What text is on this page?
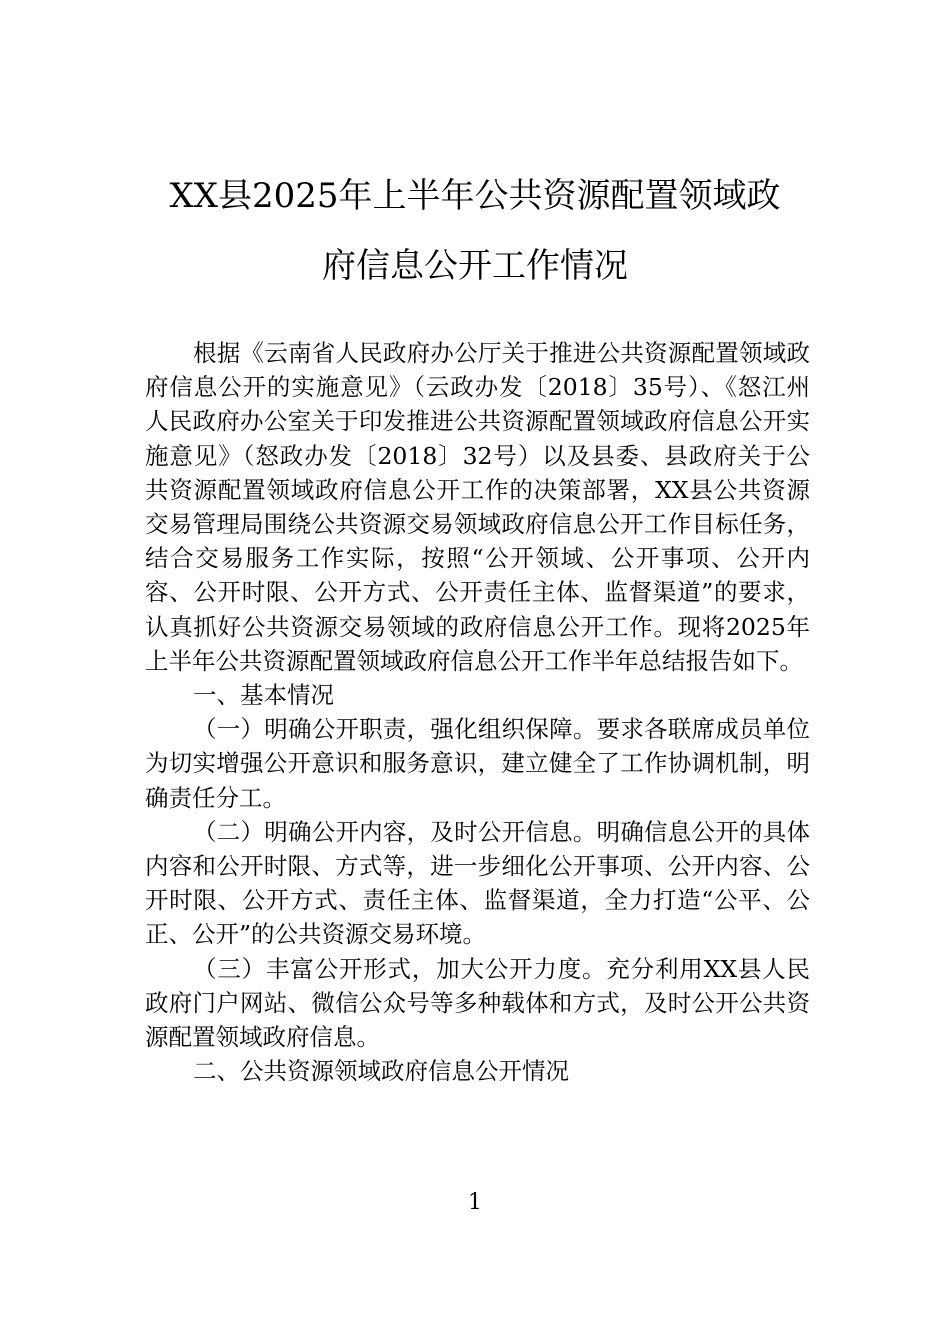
XX县2025年上半年公共资源配置领域政
府信息公开工作情况

根据《云南省人民政府办公厅关于推进公共资源配置领域政府信息公开的实施意见》（云政办发〔2018〕35号）、《怒江州人民政府办公室关于印发推进公共资源配置领域政府信息公开实施意见》（怒政办发〔2018〕32号）以及县委、县政府关于公共资源配置领域政府信息公开工作的决策部署，XX县公共资源交易管理局围绕公共资源交易领域政府信息公开工作目标任务，结合交易服务工作实际，按照“公开领域、公开事项、公开内容、公开时限、公开方式、公开责任主体、监督渠道”的要求，认真抓好公共资源交易领域的政府信息公开工作。现将2025年上半年公共资源配置领域政府信息公开工作半年总结报告如下。

一、基本情况

（一）明确公开职责，强化组织保障。要求各联席成员单位为切实增强公开意识和服务意识，建立健全了工作协调机制，明确责任分工。

（二）明确公开内容，及时公开信息。明确信息公开的具体内容和公开时限、方式等，进一步细化公开事项、公开内容、公开时限、公开方式、责任主体、监督渠道，全力打造“公平、公正、公开”的公共资源交易环境。

（三）丰富公开形式，加大公开力度。充分利用XX县人民政府门户网站、微信公众号等多种载体和方式，及时公开公共资源配置领域政府信息。

二、公共资源领域政府信息公开情况

1
